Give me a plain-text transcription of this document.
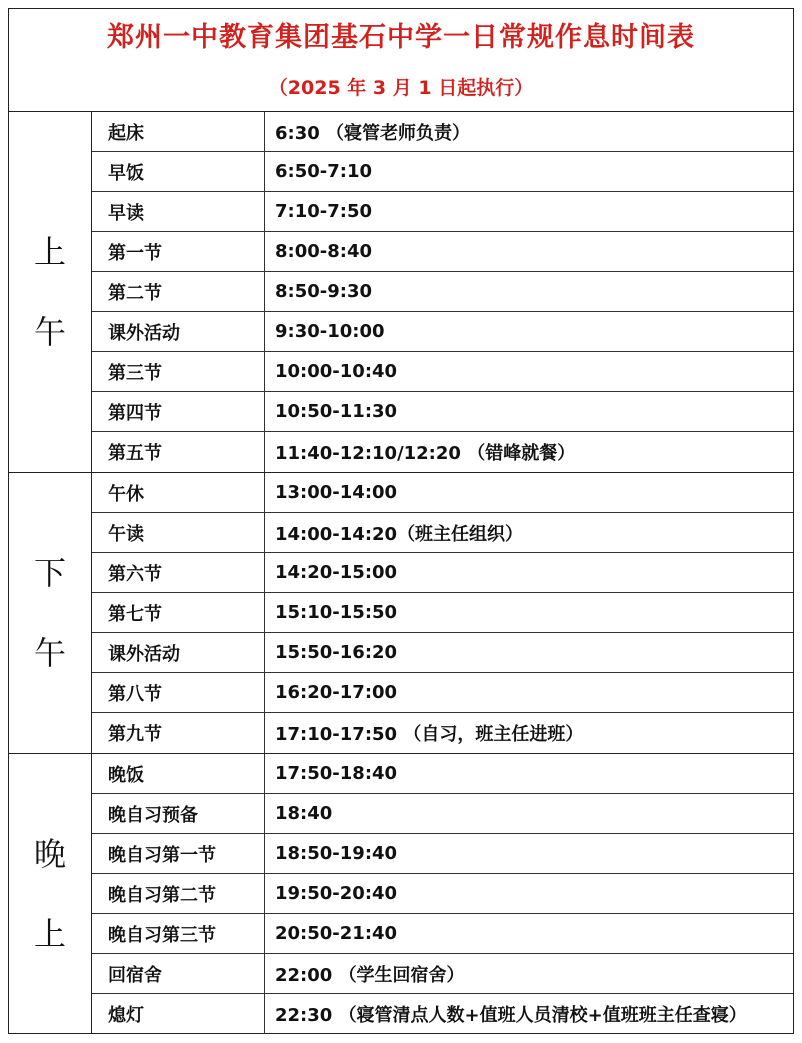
郑州一中教育集团基石中学一日常规作息时间表
（2025 年 3 月 1 日起执行）
上
午
起床	6:30 （寝管老师负责）
早饭	6:50-7:10
早读	7:10-7:50
第一节	8:00-8:40
第二节	8:50-9:30
课外活动	9:30-10:00
第三节	10:00-10:40
第四节	10:50-11:30
第五节	11:40-12:10/12:20 （错峰就餐）
下
午
午休	13:00-14:00
午读	14:00-14:20（班主任组织）
第六节	14:20-15:00
第七节	15:10-15:50
课外活动	15:50-16:20
第八节	16:20-17:00
第九节	17:10-17:50 （自习，班主任进班）
晚
上
晚饭	17:50-18:40
晚自习预备	18:40
晚自习第一节	18:50-19:40
晚自习第二节	19:50-20:40
晚自习第三节	20:50-21:40
回宿舍	22:00 （学生回宿舍）
熄灯	22:30 （寝管清点人数+值班人员清校+值班班主任查寝）
